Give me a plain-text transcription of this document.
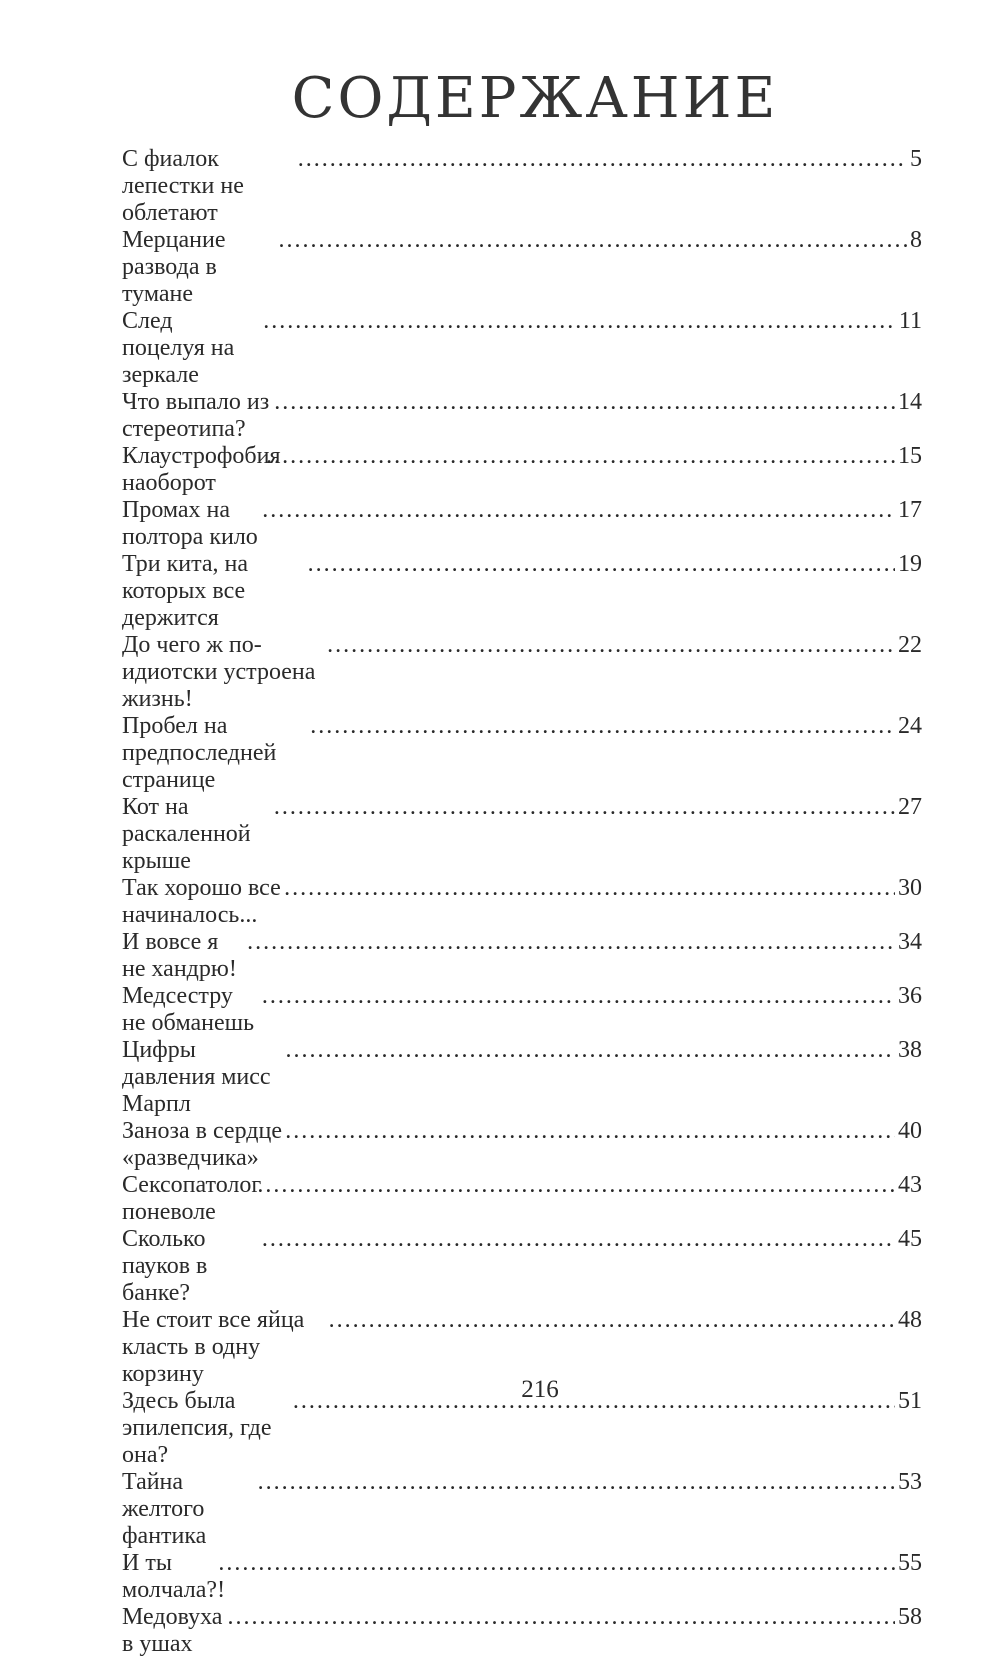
СОДЕРЖАНИЕ
С фиалок лепестки не облетают
.....
5
Мерцание развода в тумане
.....
8
След поцелуя на зеркале
.....
11
Что выпало из стереотипа?
.....
14
Клаустрофобия наоборот
.....
15
Промах на полтора кило
.....
17
Три кита, на которых все держится
.....
19
До чего ж по-идиотски устроена жизнь!
.....
22
Пробел на предпоследней странице
.....
24
Кот на раскаленной крыше
.....
27
Так хорошо все начиналось...
.....
30
И вовсе я не хандрю!
.....
34
Медсестру не обманешь
.....
36
Цифры давления мисс Марпл
.....
38
Заноза в сердце «разведчика»
.....
40
Сексопатолог поневоле
.....
43
Сколько пауков в банке?
.....
45
Не стоит все яйца класть в одну корзину
.....
48
Здесь была эпилепсия, где она?
.....
51
Тайна желтого фантика
.....
53
И ты молчала?!
.....
55
Медовуха в ушах
.....
58
216
